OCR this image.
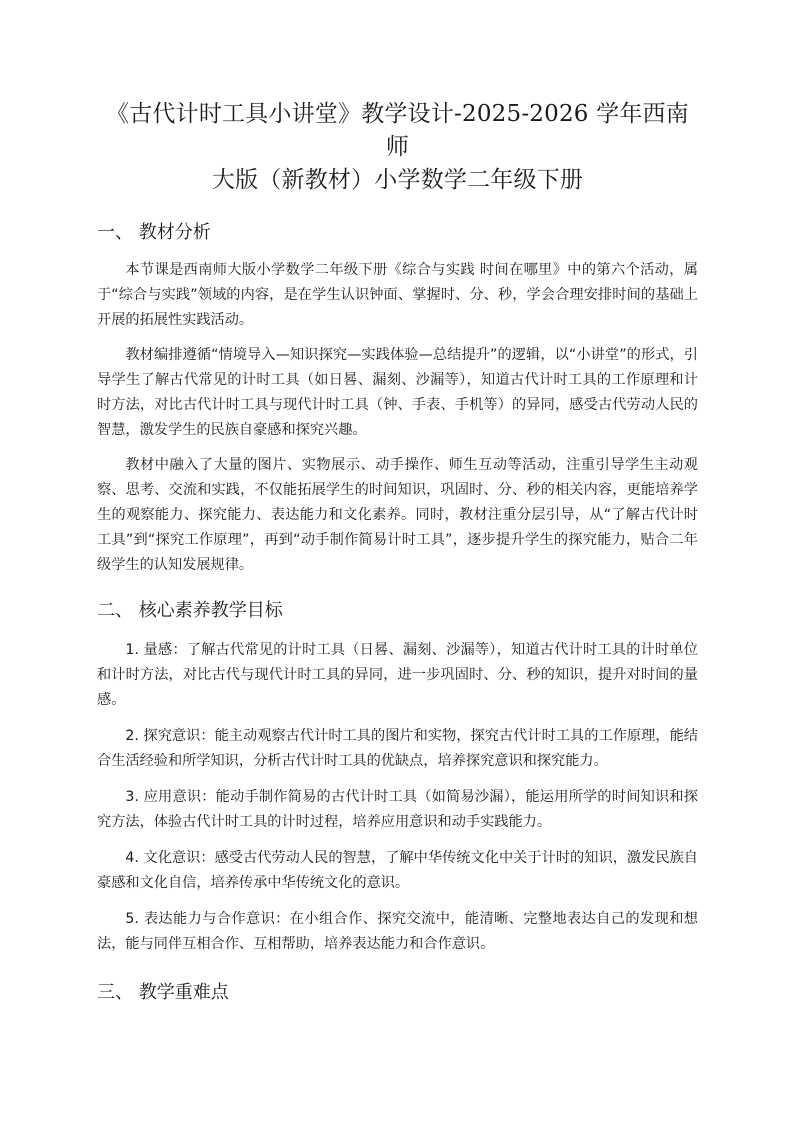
《古代计时工具小讲堂》教学设计-2025-2026 学年西南师
大版（新教材）小学数学二年级下册
一、 教材分析

本节课是西南师大版小学数学二年级下册《综合与实践 时间在哪里》中的第六个活动，属于“综合与实践”领域的内容，是在学生认识钟面、掌握时、分、秒，学会合理安排时间的基础上开展的拓展性实践活动。

教材编排遵循“情境导入—知识探究—实践体验—总结提升”的逻辑，以“小讲堂”的形式，引导学生了解古代常见的计时工具（如日晷、漏刻、沙漏等），知道古代计时工具的工作原理和计时方法，对比古代计时工具与现代计时工具（钟、手表、手机等）的异同，感受古代劳动人民的智慧，激发学生的民族自豪感和探究兴趣。

教材中融入了大量的图片、实物展示、动手操作、师生互动等活动，注重引导学生主动观察、思考、交流和实践，不仅能拓展学生的时间知识，巩固时、分、秒的相关内容，更能培养学生的观察能力、探究能力、表达能力和文化素养。同时，教材注重分层引导，从“了解古代计时工具”到“探究工作原理”，再到“动手制作简易计时工具”，逐步提升学生的探究能力，贴合二年级学生的认知发展规律。

二、 核心素养教学目标

1. 量感：了解古代常见的计时工具（日晷、漏刻、沙漏等），知道古代计时工具的计时单位和计时方法，对比古代与现代计时工具的异同，进一步巩固时、分、秒的知识，提升对时间的量感。

2. 探究意识：能主动观察古代计时工具的图片和实物，探究古代计时工具的工作原理，能结合生活经验和所学知识，分析古代计时工具的优缺点，培养探究意识和探究能力。

3. 应用意识：能动手制作简易的古代计时工具（如简易沙漏），能运用所学的时间知识和探究方法，体验古代计时工具的计时过程，培养应用意识和动手实践能力。

4. 文化意识：感受古代劳动人民的智慧，了解中华传统文化中关于计时的知识，激发民族自豪感和文化自信，培养传承中华传统文化的意识。

5. 表达能力与合作意识：在小组合作、探究交流中，能清晰、完整地表达自己的发现和想法，能与同伴互相合作、互相帮助，培养表达能力和合作意识。

三、 教学重难点
